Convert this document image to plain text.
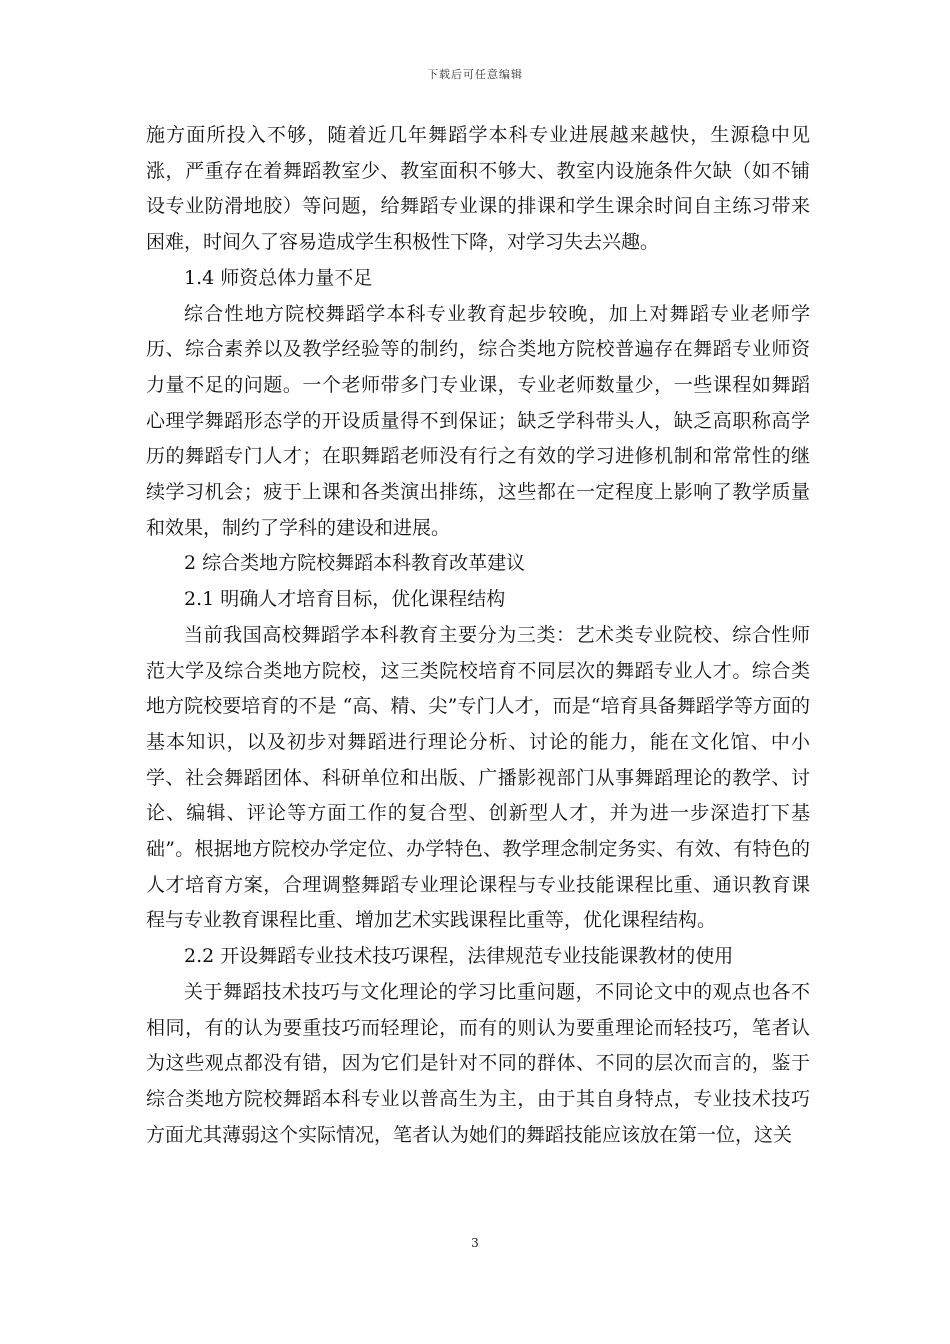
下载后可任意编辑

施方面所投入不够，随着近几年舞蹈学本科专业进展越来越快，生源稳中见涨，严重存在着舞蹈教室少、教室面积不够大、教室内设施条件欠缺（如不铺设专业防滑地胶）等问题，给舞蹈专业课的排课和学生课余时间自主练习带来困难，时间久了容易造成学生积极性下降，对学习失去兴趣。

1.4 师资总体力量不足

综合性地方院校舞蹈学本科专业教育起步较晚，加上对舞蹈专业老师学历、综合素养以及教学经验等的制约，综合类地方院校普遍存在舞蹈专业师资力量不足的问题。一个老师带多门专业课，专业老师数量少，一些课程如舞蹈心理学舞蹈形态学的开设质量得不到保证；缺乏学科带头人，缺乏高职称高学历的舞蹈专门人才；在职舞蹈老师没有行之有效的学习进修机制和常常性的继续学习机会；疲于上课和各类演出排练，这些都在一定程度上影响了教学质量和效果，制约了学科的建设和进展。

2 综合类地方院校舞蹈本科教育改革建议

2.1 明确人才培育目标，优化课程结构

当前我国高校舞蹈学本科教育主要分为三类：艺术类专业院校、综合性师范大学及综合类地方院校，这三类院校培育不同层次的舞蹈专业人才。综合类地方院校要培育的不是 “高、精、尖”专门人才，而是“培育具备舞蹈学等方面的基本知识，以及初步对舞蹈进行理论分析、讨论的能力，能在文化馆、中小学、社会舞蹈团体、科研单位和出版、广播影视部门从事舞蹈理论的教学、讨论、编辑、评论等方面工作的复合型、创新型人才，并为进一步深造打下基础”。根据地方院校办学定位、办学特色、教学理念制定务实、有效、有特色的人才培育方案，合理调整舞蹈专业理论课程与专业技能课程比重、通识教育课程与专业教育课程比重、增加艺术实践课程比重等，优化课程结构。

2.2 开设舞蹈专业技术技巧课程，法律规范专业技能课教材的使用

关于舞蹈技术技巧与文化理论的学习比重问题，不同论文中的观点也各不相同，有的认为要重技巧而轻理论，而有的则认为要重理论而轻技巧，笔者认为这些观点都没有错，因为它们是针对不同的群体、不同的层次而言的，鉴于综合类地方院校舞蹈本科专业以普高生为主，由于其自身特点，专业技术技巧方面尤其薄弱这个实际情况，笔者认为她们的舞蹈技能应该放在第一位，这关

3
